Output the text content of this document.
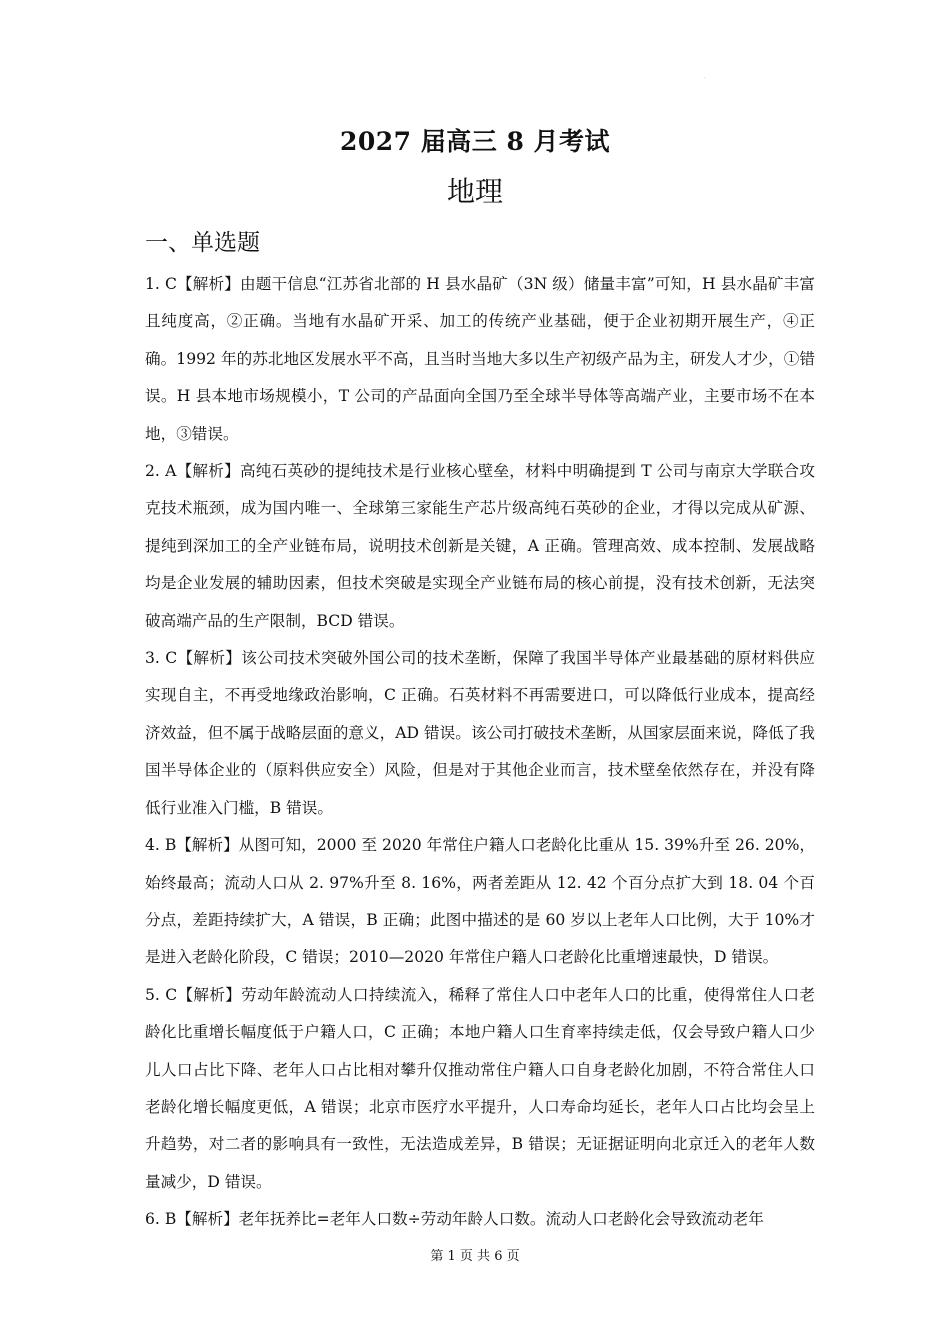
·
2027 届高三 8 月考试
地理
一、单选题

1. C【解析】由题干信息“江苏省北部的 H 县水晶矿（3N 级）储量丰富”可知，H 县水晶矿丰富且纯度高，②正确。当地有水晶矿开采、加工的传统产业基础，便于企业初期开展生产，④正确。1992 年的苏北地区发展水平不高，且当时当地大多以生产初级产品为主，研发人才少，①错误。H 县本地市场规模小，T 公司的产品面向全国乃至全球半导体等高端产业，主要市场不在本地，③错误。

2. A【解析】高纯石英砂的提纯技术是行业核心壁垒，材料中明确提到 T 公司与南京大学联合攻克技术瓶颈，成为国内唯一、全球第三家能生产芯片级高纯石英砂的企业，才得以完成从矿源、提纯到深加工的全产业链布局，说明技术创新是关键，A 正确。管理高效、成本控制、发展战略均是企业发展的辅助因素，但技术突破是实现全产业链布局的核心前提，没有技术创新，无法突破高端产品的生产限制，BCD 错误。

3. C【解析】该公司技术突破外国公司的技术垄断，保障了我国半导体产业最基础的原材料供应实现自主，不再受地缘政治影响，C 正确。石英材料不再需要进口，可以降低行业成本，提高经济效益，但不属于战略层面的意义，AD 错误。该公司打破技术垄断，从国家层面来说，降低了我国半导体企业的（原料供应安全）风险，但是对于其他企业而言，技术壁垒依然存在，并没有降低行业准入门槛，B 错误。

4. B【解析】从图可知，2000 至 2020 年常住户籍人口老龄化比重从 15. 39%升至 26. 20%，始终最高；流动人口从 2. 97%升至 8. 16%，两者差距从 12. 42 个百分点扩大到 18. 04 个百分点，差距持续扩大，A 错误，B 正确；此图中描述的是 60 岁以上老年人口比例，大于 10%才是进入老龄化阶段，C 错误；2010—2020 年常住户籍人口老龄化比重增速最快，D 错误。

5. C【解析】劳动年龄流动人口持续流入，稀释了常住人口中老年人口的比重，使得常住人口老龄化比重增长幅度低于户籍人口，C 正确；本地户籍人口生育率持续走低，仅会导致户籍人口少儿人口占比下降、老年人口占比相对攀升仅推动常住户籍人口自身老龄化加剧，不符合常住人口老龄化增长幅度更低，A 错误；北京市医疗水平提升，人口寿命均延长，老年人口占比均会呈上升趋势，对二者的影响具有一致性，无法造成差异，B 错误；无证据证明向北京迁入的老年人数量减少，D 错误。

6. B【解析】老年抚养比=老年人口数÷劳动年龄人口数。流动人口老龄化会导致流动老年

第 1 页 共 6 页
